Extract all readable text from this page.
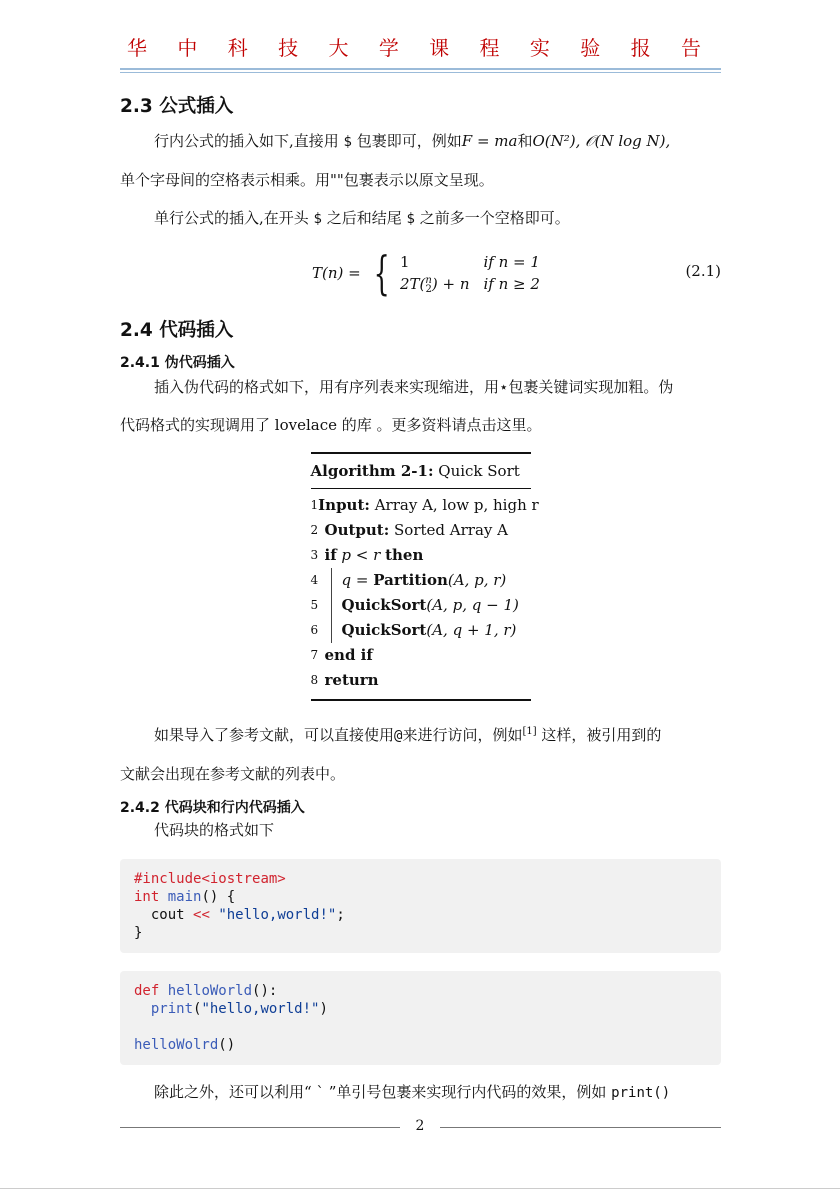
华 中 科 技 大 学 课 程 实 验 报 告
2.3 公式插入

行内公式的插入如下,直接用 $ 包裹即可，例如F = ma和O(N²), 𝒪(N log N),

单个字母间的空格表示相乘。用""包裹表示以原文呈现。

单行公式的插入,在开头 $ 之后和结尾 $ 之前多一个空格即可。

T(n) = { 1	if n = 1
2T(n
2) + n if n ≥ 2
(2.1)
2.4 代码插入
2.4.1 伪代码插入

插入伪代码的格式如下，用有序列表来实现缩进，用⋆包裹关键词实现加粗。伪

代码格式的实现调用了 lovelace 的库 。更多资料请点击这里。

Algorithm 2-1: Quick Sort
1 Input: Array A, low p, high r
2 Output: Sorted Array A
3 if p < r then
4	q = Partition(A, p, r)
5	QuickSort(A, p, q − 1)
6	QuickSort(A, q + 1, r)
7 end if
8 return

如果导入了参考文献，可以直接使用@来进行访问，例如[1] 这样，被引用到的

文献会出现在参考文献的列表中。

2.4.2 代码块和行内代码插入

代码块的格式如下

#include<iostream>
int main() {
cout << "hello,world!";
}
def helloWorld():
print("hello,world!")

helloWolrd()

除此之外，还可以利用“ ` ”单引号包裹来实现行内代码的效果，例如 print()

2
